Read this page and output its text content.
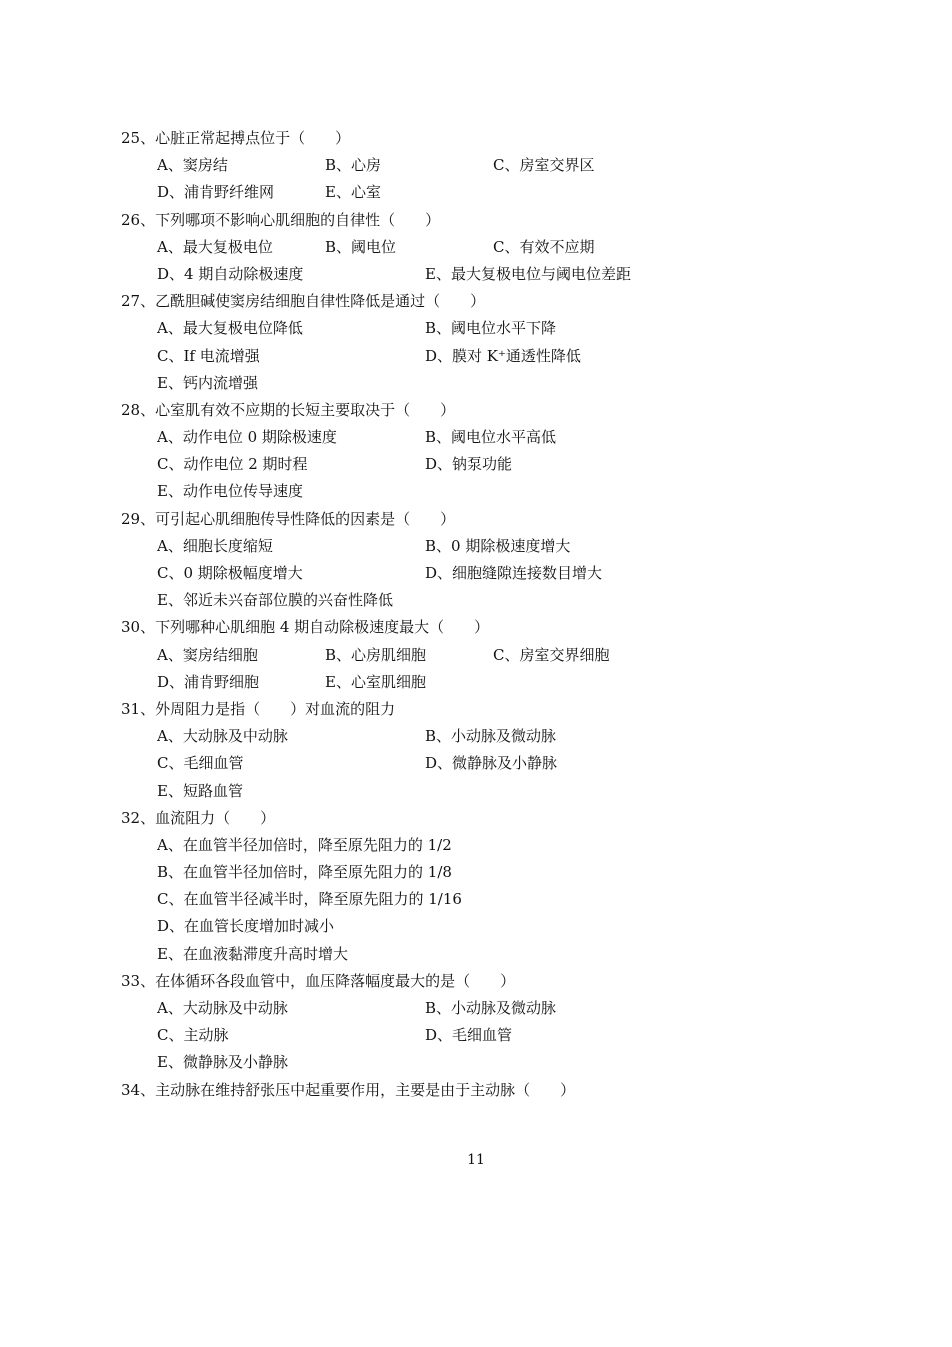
25、心脏正常起搏点位于（　　）
A、窦房结	B、心房	C、房室交界区
D、浦肯野纤维网	E、心室
26、下列哪项不影响心肌细胞的自律性（　　）
A、最大复极电位	B、阈电位	C、有效不应期
D、4 期自动除极速度	E、最大复极电位与阈电位差距
27、乙酰胆碱使窦房结细胞自律性降低是通过（　　）
A、最大复极电位降低	B、阈电位水平下降
C、If 电流增强	D、膜对 K⁺通透性降低
E、钙内流增强
28、心室肌有效不应期的长短主要取决于（　　）
A、动作电位 0 期除极速度	B、阈电位水平高低
C、动作电位 2 期时程	D、钠泵功能
E、动作电位传导速度
29、可引起心肌细胞传导性降低的因素是（　　）
A、细胞长度缩短	B、0 期除极速度增大
C、0 期除极幅度增大	D、细胞缝隙连接数目增大
E、邻近未兴奋部位膜的兴奋性降低
30、下列哪种心肌细胞 4 期自动除极速度最大（　　）
A、窦房结细胞	B、心房肌细胞	C、房室交界细胞
D、浦肯野细胞	E、心室肌细胞
31、外周阻力是指（　　）对血流的阻力
A、大动脉及中动脉	B、小动脉及微动脉
C、毛细血管	D、微静脉及小静脉
E、短路血管
32、血流阻力（　　）
A、在血管半径加倍时，降至原先阻力的 1/2
B、在血管半径加倍时，降至原先阻力的 1/8
C、在血管半径减半时，降至原先阻力的 1/16
D、在血管长度增加时减小
E、在血液黏滞度升高时增大
33、在体循环各段血管中，血压降落幅度最大的是（　　）
A、大动脉及中动脉	B、小动脉及微动脉
C、主动脉	D、毛细血管
E、微静脉及小静脉
34、主动脉在维持舒张压中起重要作用，主要是由于主动脉（　　）
11
